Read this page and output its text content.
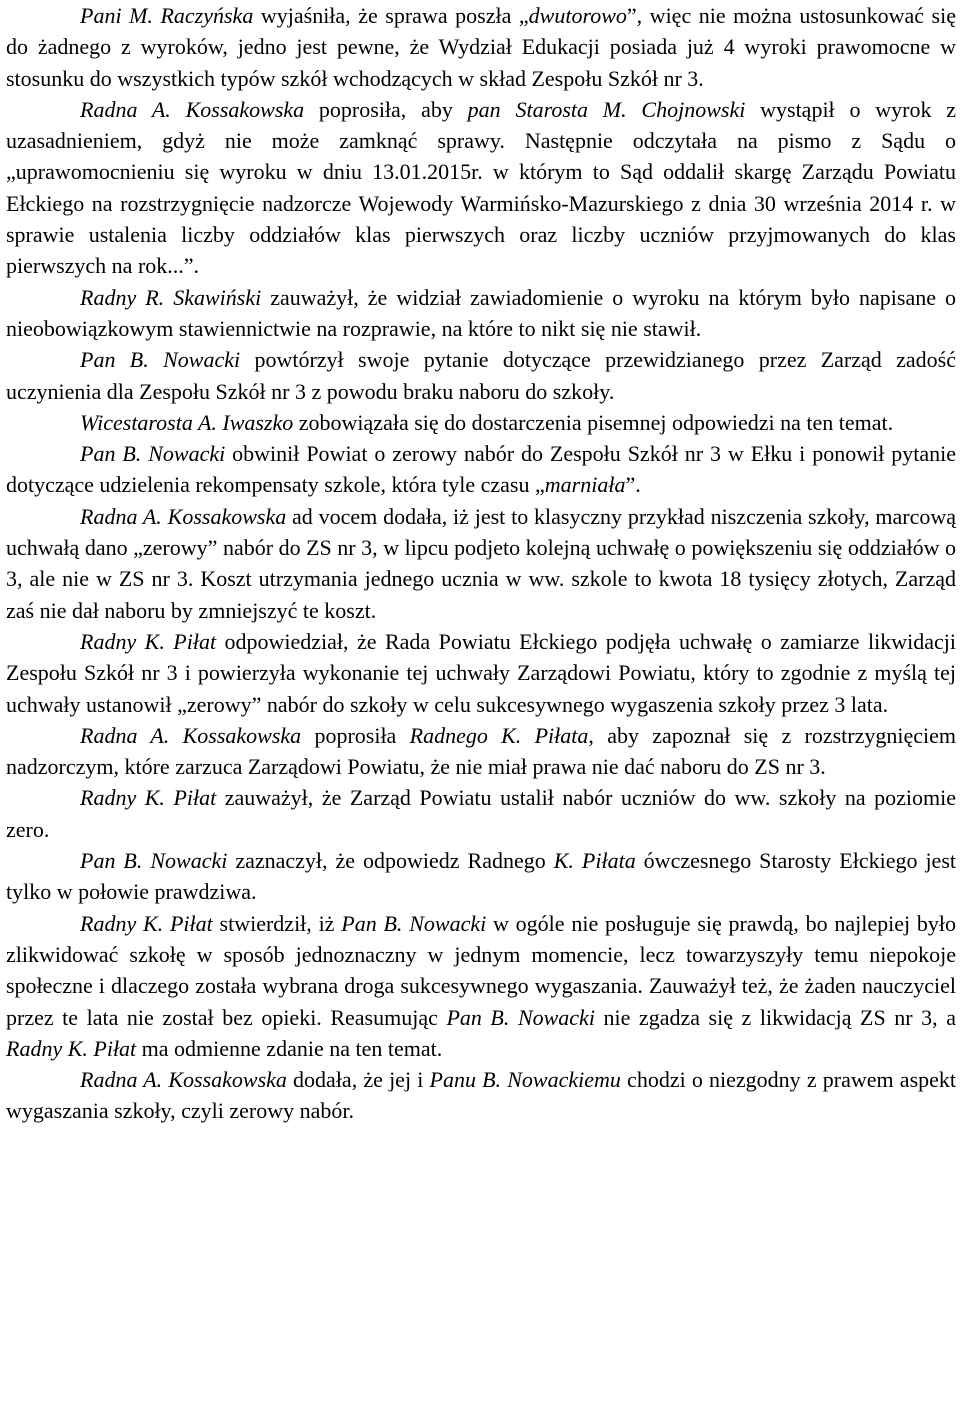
Pani M. Raczyńska wyjaśniła, że sprawa poszła „dwutorowo”, więc nie można ustosunkować się do żadnego z wyroków, jedno jest pewne, że Wydział Edukacji posiada już 4 wyroki prawomocne w stosunku do wszystkich typów szkół wchodzących w skład Zespołu Szkół nr 3.

Radna A. Kossakowska poprosiła, aby pan Starosta M. Chojnowski wystąpił o wyrok z uzasadnieniem, gdyż nie może zamknąć sprawy. Następnie odczytała na pismo z Sądu o „uprawomocnieniu się wyroku w dniu 13.01.2015r. w którym to Sąd oddalił skargę Zarządu Powiatu Ełckiego na rozstrzygnięcie nadzorcze Wojewody Warmińsko-Mazurskiego z dnia 30 września 2014 r. w sprawie ustalenia liczby oddziałów klas pierwszych oraz liczby uczniów przyjmowanych do klas pierwszych na rok...”.

Radny R. Skawiński zauważył, że widział zawiadomienie o wyroku na którym było napisane o nieobowiązkowym stawiennictwie na rozprawie, na które to nikt się nie stawił.

Pan B. Nowacki powtórzył swoje pytanie dotyczące przewidzianego przez Zarząd zadość uczynienia dla Zespołu Szkół nr 3 z powodu braku naboru do szkoły.

Wicestarosta A. Iwaszko zobowiązała się do dostarczenia pisemnej odpowiedzi na ten temat.

Pan B. Nowacki obwinił Powiat o zerowy nabór do Zespołu Szkół nr 3 w Ełku i ponowił pytanie dotyczące udzielenia rekompensaty szkole, która tyle czasu „marniała”.

Radna A. Kossakowska ad vocem dodała, iż jest to klasyczny przykład niszczenia szkoły, marcową uchwałą dano „zerowy” nabór do ZS nr 3, w lipcu podjeto kolejną uchwałę o powiększeniu się oddziałów o 3, ale nie w ZS nr 3. Koszt utrzymania jednego ucznia w ww. szkole to kwota 18 tysięcy złotych, Zarząd zaś nie dał naboru by zmniejszyć te koszt.

Radny K. Piłat odpowiedział, że Rada Powiatu Ełckiego podjęła uchwałę o zamiarze likwidacji Zespołu Szkół nr 3 i powierzyła wykonanie tej uchwały Zarządowi Powiatu, który to zgodnie z myślą tej uchwały ustanowił „zerowy” nabór do szkoły w celu sukcesywnego wygaszenia szkoły przez 3 lata.

Radna A. Kossakowska poprosiła Radnego K. Piłata, aby zapoznał się z rozstrzygnięciem nadzorczym, które zarzuca Zarządowi Powiatu, że nie miał prawa nie dać naboru do ZS nr 3.

Radny K. Piłat zauważył, że Zarząd Powiatu ustalił nabór uczniów do ww. szkoły na poziomie zero.

Pan B. Nowacki zaznaczył, że odpowiedz Radnego K. Piłata ówczesnego Starosty Ełckiego jest tylko w połowie prawdziwa.

Radny K. Piłat stwierdził, iż Pan B. Nowacki w ogóle nie posługuje się prawdą, bo najlepiej było zlikwidować szkołę w sposób jednoznaczny w jednym momencie, lecz towarzyszyły temu niepokoje społeczne i dlaczego została wybrana droga sukcesywnego wygaszania. Zauważył też, że żaden nauczyciel przez te lata nie został bez opieki. Reasumując Pan B. Nowacki nie zgadza się z likwidacją ZS nr 3, a Radny K. Piłat ma odmienne zdanie na ten temat.

Radna A. Kossakowska dodała, że jej i Panu B. Nowackiemu chodzi o niezgodny z prawem aspekt wygaszania szkoły, czyli zerowy nabór.
